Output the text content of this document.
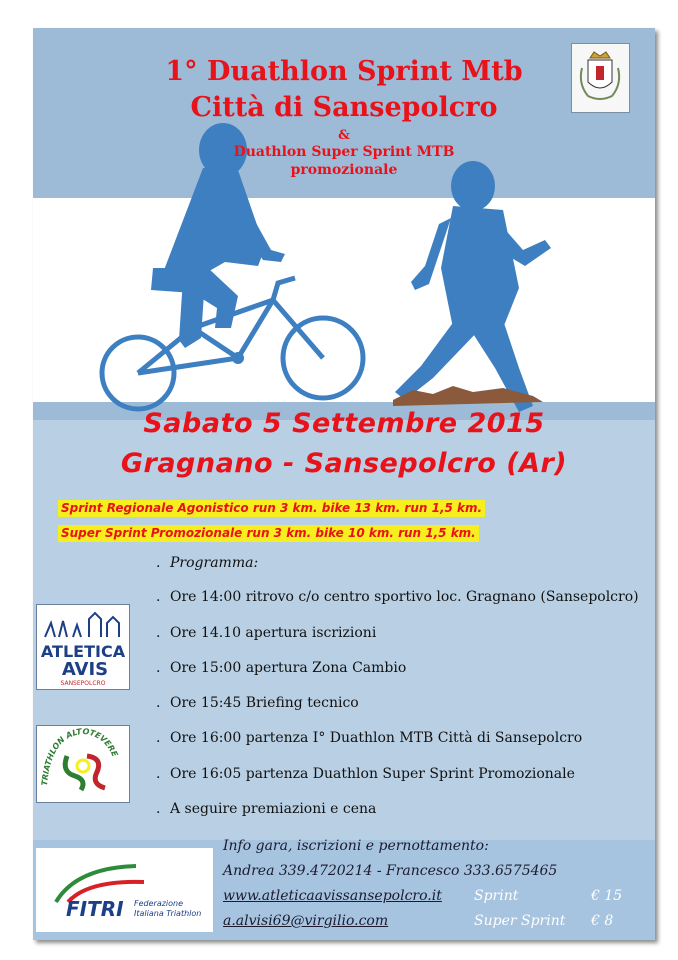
1° Duathlon Sprint Mtb
Città di Sansepolcro
&
Duathlon Super Sprint MTB
promozionale
Sabato 5 Settembre 2015
Gragnano - Sansepolcro (Ar)
Sprint Regionale Agonistico run 3 km. bike 13 km. run 1,5 km.
Super Sprint Promozionale run 3 km. bike 10 km. run 1,5 km.
. Programma:
. Ore 14:00 ritrovo c/o centro sportivo loc. Gragnano (Sansepolcro)
. Ore 14.10 apertura iscrizioni
. Ore 15:00 apertura Zona Cambio
. Ore 15:45 Briefing tecnico
. Ore 16:00 partenza I° Duathlon MTB Città di Sansepolcro
. Ore 16:05 partenza Duathlon Super Sprint Promozionale
. A seguire premiazioni e cena
ATLETICA
AVIS
SANSEPOLCRO
TRIATHLON ALTOTEVERE
FITRI Federazione
Italiana Triathlon
Info gara, iscrizioni e pernottamento:
Andrea 339.4720214 - Francesco 333.6575465
www.atleticaavissansepolcro.it
a.alvisi69@virgilio.com
Sprint	€ 15
Super Sprint € 8
